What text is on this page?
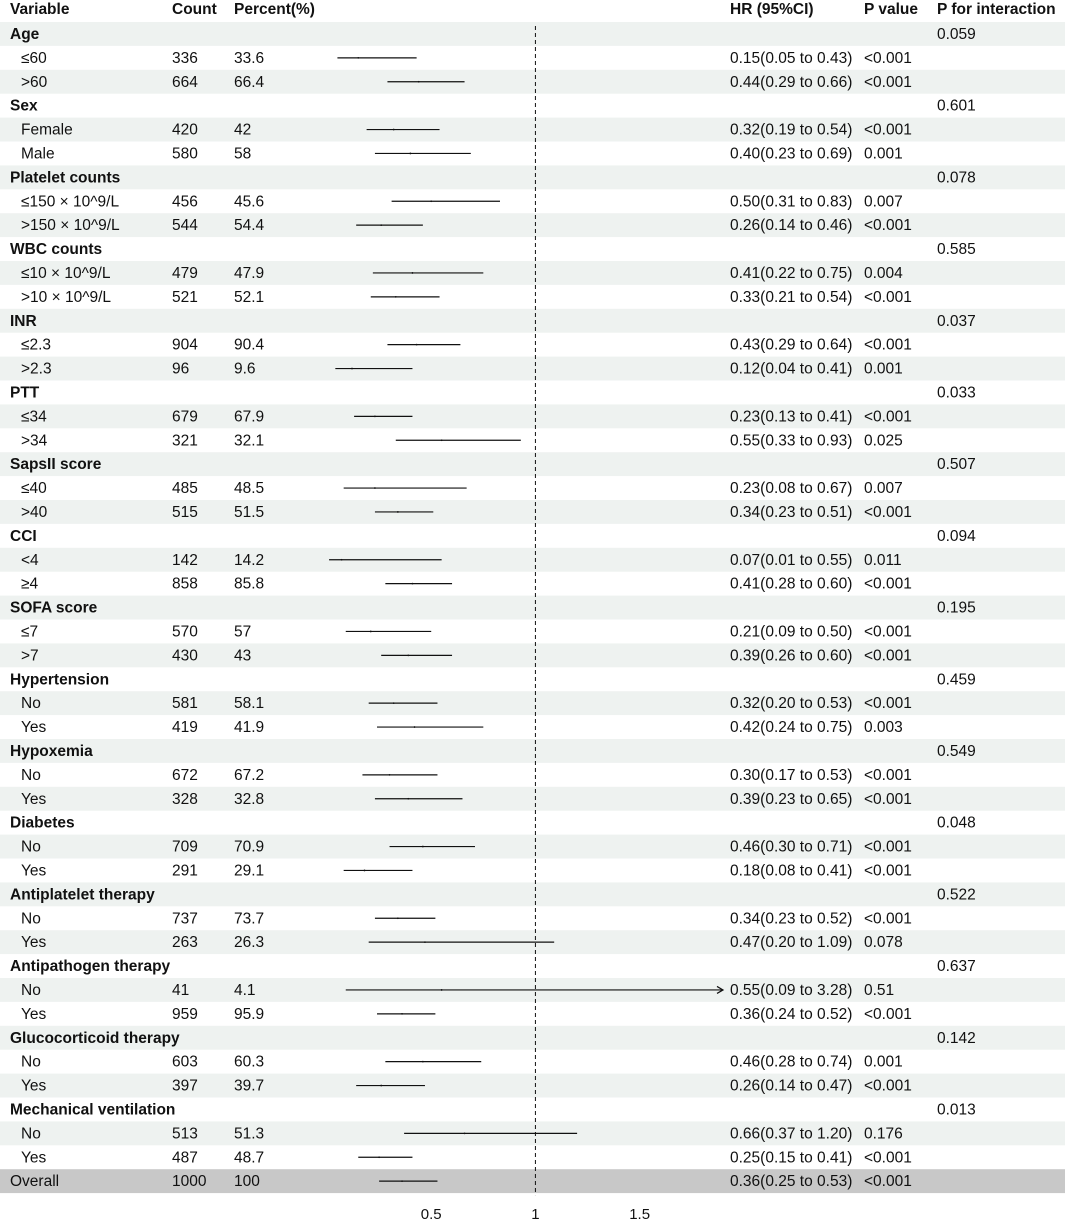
Variable	Count Percent(%)	HR (95%CI)	P value P for interaction
Age	0.059
≤60	336 33.6	0.15(0.05 to 0.43) <0.001
>60	664 66.4	0.44(0.29 to 0.66) <0.001
Sex	0.601
Female	420 42	0.32(0.19 to 0.54) <0.001
Male	580 58	0.40(0.23 to 0.69) 0.001
Platelet counts	0.078
≤150 × 10^9/L	456 45.6	0.50(0.31 to 0.83) 0.007
>150 × 10^9/L	544 54.4	0.26(0.14 to 0.46) <0.001
WBC counts	0.585
≤10 × 10^9/L	479 47.9	0.41(0.22 to 0.75) 0.004
>10 × 10^9/L	521 52.1	0.33(0.21 to 0.54) <0.001
INR	0.037
≤2.3	904 90.4	0.43(0.29 to 0.64) <0.001
>2.3	96	9.6	0.12(0.04 to 0.41) 0.001
PTT	0.033
≤34	679 67.9	0.23(0.13 to 0.41) <0.001
>34	321 32.1	0.55(0.33 to 0.93) 0.025
SapsII score	0.507
≤40	485 48.5	0.23(0.08 to 0.67) 0.007
>40	515 51.5	0.34(0.23 to 0.51) <0.001
CCI	0.094
<4	142 14.2	0.07(0.01 to 0.55) 0.011
≥4	858 85.8	0.41(0.28 to 0.60) <0.001
SOFA score	0.195
≤7	570 57	0.21(0.09 to 0.50) <0.001
>7	430 43	0.39(0.26 to 0.60) <0.001
Hypertension	0.459
No	581 58.1	0.32(0.20 to 0.53) <0.001
Yes	419 41.9	0.42(0.24 to 0.75) 0.003
Hypoxemia	0.549
No	672 67.2	0.30(0.17 to 0.53) <0.001
Yes	328 32.8	0.39(0.23 to 0.65) <0.001
Diabetes	0.048
No	709 70.9	0.46(0.30 to 0.71) <0.001
Yes	291 29.1	0.18(0.08 to 0.41) <0.001
Antiplatelet therapy	0.522
No	737 73.7	0.34(0.23 to 0.52) <0.001
Yes	263 26.3	0.47(0.20 to 1.09) 0.078
Antipathogen therapy	0.637
No	41	4.1	0.55(0.09 to 3.28) 0.51
Yes	959 95.9	0.36(0.24 to 0.52) <0.001
Glucocorticoid therapy	0.142
No	603 60.3	0.46(0.28 to 0.74) 0.001
Yes	397 39.7	0.26(0.14 to 0.47) <0.001
Mechanical ventilation	0.013
No	513 51.3	0.66(0.37 to 1.20) 0.176
Yes	487 48.7	0.25(0.15 to 0.41) <0.001
Overall	1000 100	0.36(0.25 to 0.53) <0.001
0.5	1	1.5
